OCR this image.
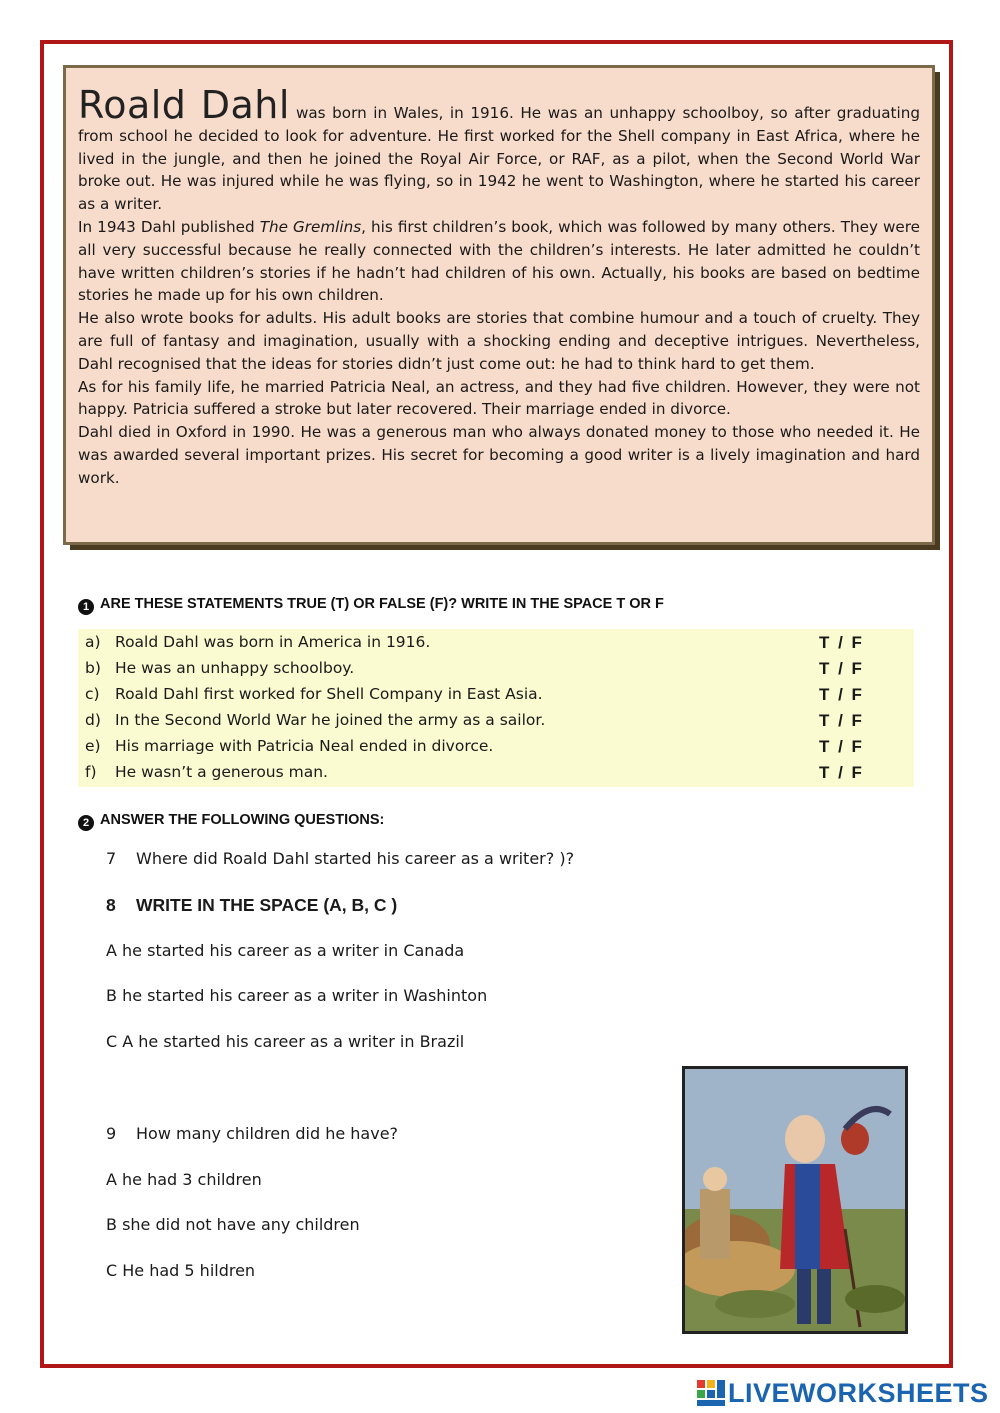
Roald Dahl was born in Wales, in 1916. He was an unhappy schoolboy, so after graduating from school he decided to look for adventure. He first worked for the Shell company in East Africa, where he lived in the jungle, and then he joined the Royal Air Force, or RAF, as a pilot, when the Second World War broke out. He was injured while he was flying, so in 1942 he went to Washington, where he started his career as a writer.

In 1943 Dahl published The Gremlins, his first children’s book, which was followed by many others. They were all very successful because he really connected with the children’s interests. He later admitted he couldn’t have written children’s stories if he hadn’t had children of his own. Actually, his books are based on bedtime stories he made up for his own children.

He also wrote books for adults. His adult books are stories that combine humour and a touch of cruelty. They are full of fantasy and imagination, usually with a shocking ending and deceptive intrigues. Nevertheless, Dahl recognised that the ideas for stories didn’t just come out: he had to think hard to get them.

As for his family life, he married Patricia Neal, an actress, and they had five children. However, they were not happy. Patricia suffered a stroke but later recovered. Their marriage ended in divorce.

Dahl died in Oxford in 1990. He was a generous man who always donated money to those who needed it. He was awarded several important prizes. His secret for becoming a good writer is a lively imagination and hard work.

1 ARE THESE STATEMENTS TRUE (T) OR FALSE (F)? WRITE IN THE SPACE T OR F
a) Roald Dahl was born in America in 1916.	T / F
b) He was an unhappy schoolboy.	T / F
c) Roald Dahl first worked for Shell Company in East Asia.	T / F
d) In the Second World War he joined the army as a sailor.	T / F
e) His marriage with Patricia Neal ended in divorce.	T / F
f) He wasn’t a generous man.	T / F
2 ANSWER THE FOLLOWING QUESTIONS:
7 Where did Roald Dahl started his career as a writer? )?
8 WRITE IN THE SPACE (A, B, C )
A he started his career as a writer in Canada
B he started his career as a writer in Washinton
C A he started his career as a writer in Brazil
9 How many children did he have?
A he had 3 children
B she did not have any children
C He had 5 hildren
LIVEWORKSHEETS
